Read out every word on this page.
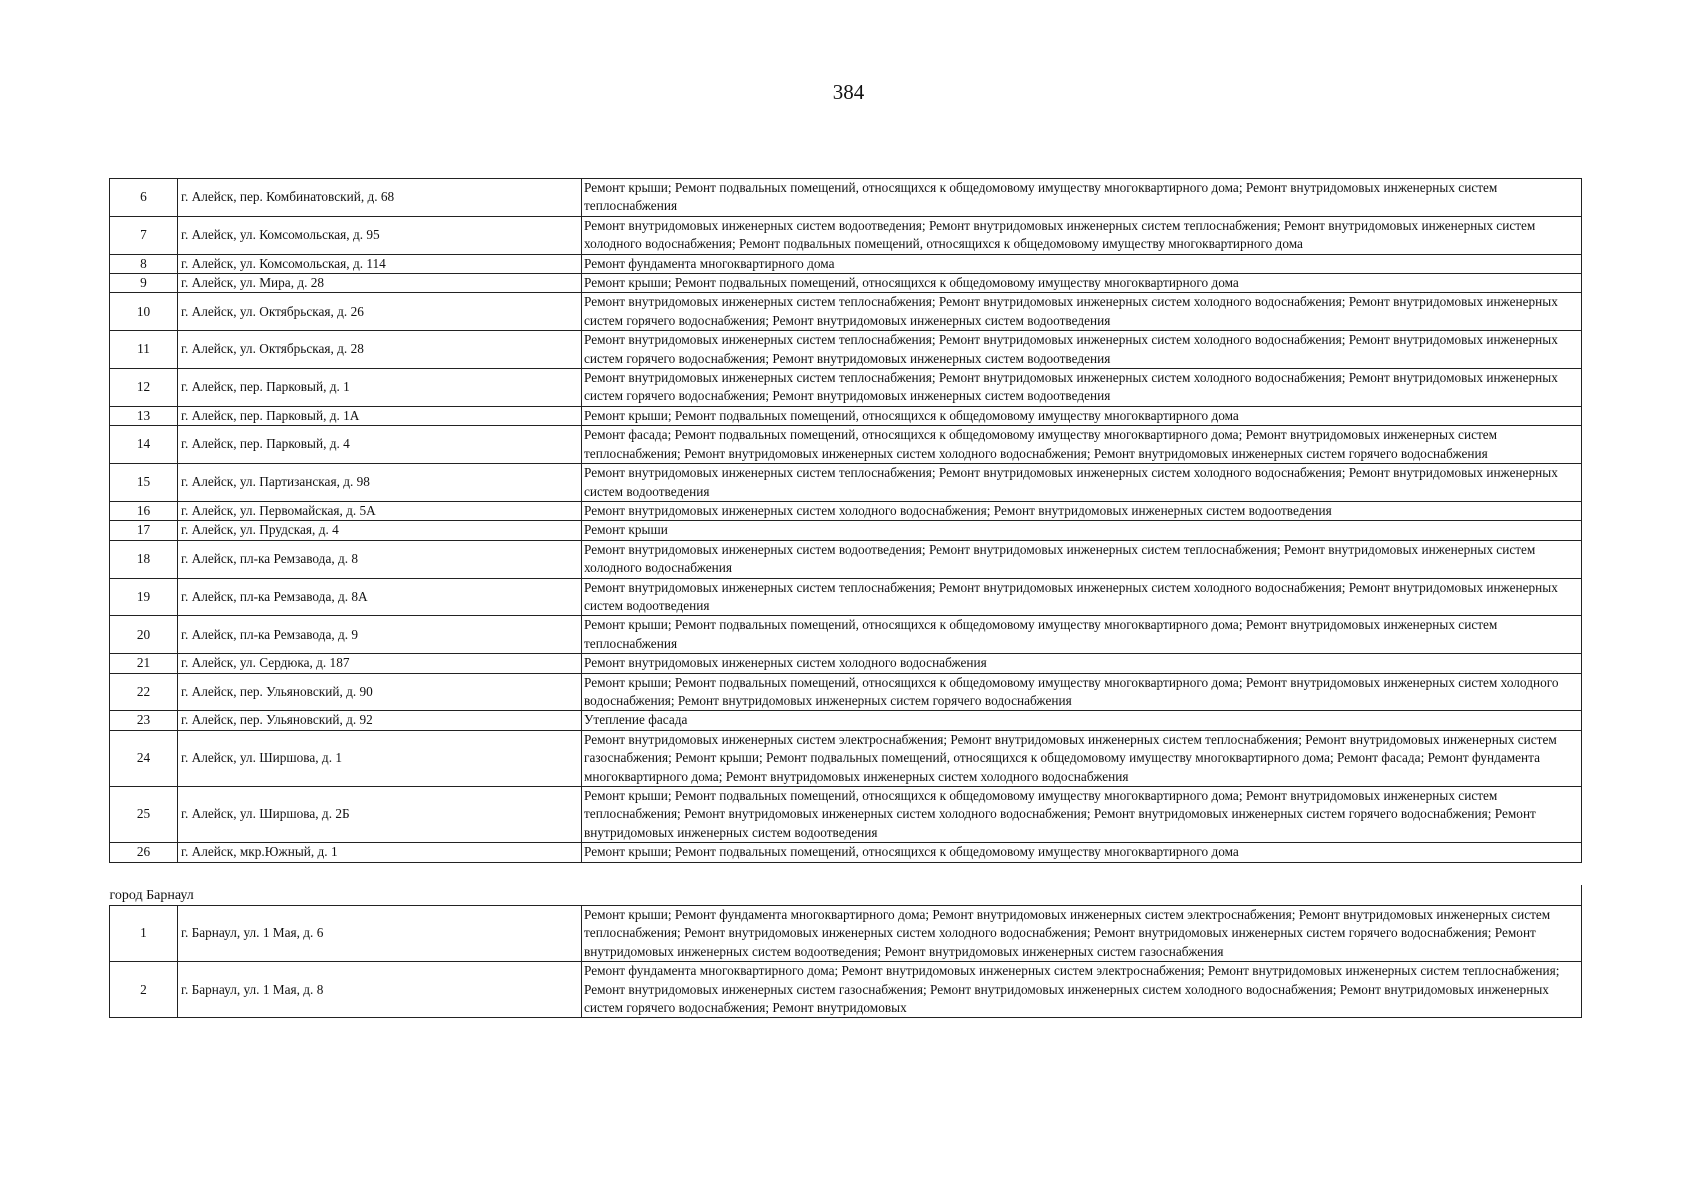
384
6	г. Алейск, пер. Комбинатовский, д. 68	Ремонт крыши; Ремонт подвальных помещений, относящихся к общедомовому имуществу многоквартирного дома; Ремонт внутридомовых инженерных систем теплоснабжения
7	г. Алейск, ул. Комсомольская, д. 95	Ремонт внутридомовых инженерных систем водоотведения; Ремонт внутридомовых инженерных систем теплоснабжения; Ремонт внутридомовых инженерных систем холодного водоснабжения; Ремонт подвальных помещений, относящихся к общедомовому имуществу многоквартирного дома
8	г. Алейск, ул. Комсомольская, д. 114	Ремонт фундамента многоквартирного дома
9	г. Алейск, ул. Мира, д. 28	Ремонт крыши; Ремонт подвальных помещений, относящихся к общедомовому имуществу многоквартирного дома
10	г. Алейск, ул. Октябрьская, д. 26	Ремонт внутридомовых инженерных систем теплоснабжения; Ремонт внутридомовых инженерных систем холодного водоснабжения; Ремонт внутридомовых инженерных систем горячего водоснабжения; Ремонт внутридомовых инженерных систем водоотведения
11	г. Алейск, ул. Октябрьская, д. 28	Ремонт внутридомовых инженерных систем теплоснабжения; Ремонт внутридомовых инженерных систем холодного водоснабжения; Ремонт внутридомовых инженерных систем горячего водоснабжения; Ремонт внутридомовых инженерных систем водоотведения
12	г. Алейск, пер. Парковый, д. 1	Ремонт внутридомовых инженерных систем теплоснабжения; Ремонт внутридомовых инженерных систем холодного водоснабжения; Ремонт внутридомовых инженерных систем горячего водоснабжения; Ремонт внутридомовых инженерных систем водоотведения
13	г. Алейск, пер. Парковый, д. 1А	Ремонт крыши; Ремонт подвальных помещений, относящихся к общедомовому имуществу многоквартирного дома
14	г. Алейск, пер. Парковый, д. 4	Ремонт фасада; Ремонт подвальных помещений, относящихся к общедомовому имуществу многоквартирного дома; Ремонт внутридомовых инженерных систем теплоснабжения; Ремонт внутридомовых инженерных систем холодного водоснабжения; Ремонт внутридомовых инженерных систем горячего водоснабжения
15	г. Алейск, ул. Партизанская, д. 98	Ремонт внутридомовых инженерных систем теплоснабжения; Ремонт внутридомовых инженерных систем холодного водоснабжения; Ремонт внутридомовых инженерных систем водоотведения
16	г. Алейск, ул. Первомайская, д. 5А	Ремонт внутридомовых инженерных систем холодного водоснабжения; Ремонт внутридомовых инженерных систем водоотведения
17	г. Алейск, ул. Прудская, д. 4	Ремонт крыши
18	г. Алейск, пл-ка Ремзавода, д. 8	Ремонт внутридомовых инженерных систем водоотведения; Ремонт внутридомовых инженерных систем теплоснабжения; Ремонт внутридомовых инженерных систем холодного водоснабжения
19	г. Алейск, пл-ка Ремзавода, д. 8А	Ремонт внутридомовых инженерных систем теплоснабжения; Ремонт внутридомовых инженерных систем холодного водоснабжения; Ремонт внутридомовых инженерных систем водоотведения
20	г. Алейск, пл-ка Ремзавода, д. 9	Ремонт крыши; Ремонт подвальных помещений, относящихся к общедомовому имуществу многоквартирного дома; Ремонт внутридомовых инженерных систем теплоснабжения
21	г. Алейск, ул. Сердюка, д. 187	Ремонт внутридомовых инженерных систем холодного водоснабжения
22	г. Алейск, пер. Ульяновский, д. 90	Ремонт крыши; Ремонт подвальных помещений, относящихся к общедомовому имуществу многоквартирного дома; Ремонт внутридомовых инженерных систем холодного водоснабжения; Ремонт внутридомовых инженерных систем горячего водоснабжения
23	г. Алейск, пер. Ульяновский, д. 92	Утепление фасада
24	г. Алейск, ул. Ширшова, д. 1	Ремонт внутридомовых инженерных систем электроснабжения; Ремонт внутридомовых инженерных систем теплоснабжения; Ремонт внутридомовых инженерных систем газоснабжения; Ремонт крыши; Ремонт подвальных помещений, относящихся к общедомовому имуществу многоквартирного дома; Ремонт фасада; Ремонт фундамента многоквартирного дома; Ремонт внутридомовых инженерных систем холодного водоснабжения
25	г. Алейск, ул. Ширшова, д. 2Б	Ремонт крыши; Ремонт подвальных помещений, относящихся к общедомовому имуществу многоквартирного дома; Ремонт внутридомовых инженерных систем теплоснабжения; Ремонт внутридомовых инженерных систем холодного водоснабжения; Ремонт внутридомовых инженерных систем горячего водоснабжения; Ремонт внутридомовых инженерных систем водоотведения
26	г. Алейск, мкр.Южный, д. 1	Ремонт крыши; Ремонт подвальных помещений, относящихся к общедомовому имуществу многоквартирного дома

город Барнаул		
1	г. Барнаул, ул. 1 Мая, д. 6	Ремонт крыши; Ремонт фундамента многоквартирного дома; Ремонт внутридомовых инженерных систем электроснабжения; Ремонт внутридомовых инженерных систем теплоснабжения; Ремонт внутридомовых инженерных систем холодного водоснабжения; Ремонт внутридомовых инженерных систем горячего водоснабжения; Ремонт внутридомовых инженерных систем водоотведения; Ремонт внутридомовых инженерных систем газоснабжения
2	г. Барнаул, ул. 1 Мая, д. 8	Ремонт фундамента многоквартирного дома; Ремонт внутридомовых инженерных систем электроснабжения; Ремонт внутридомовых инженерных систем теплоснабжения; Ремонт внутридомовых инженерных систем газоснабжения; Ремонт внутридомовых инженерных систем холодного водоснабжения; Ремонт внутридомовых инженерных систем горячего водоснабжения; Ремонт внутридомовых
